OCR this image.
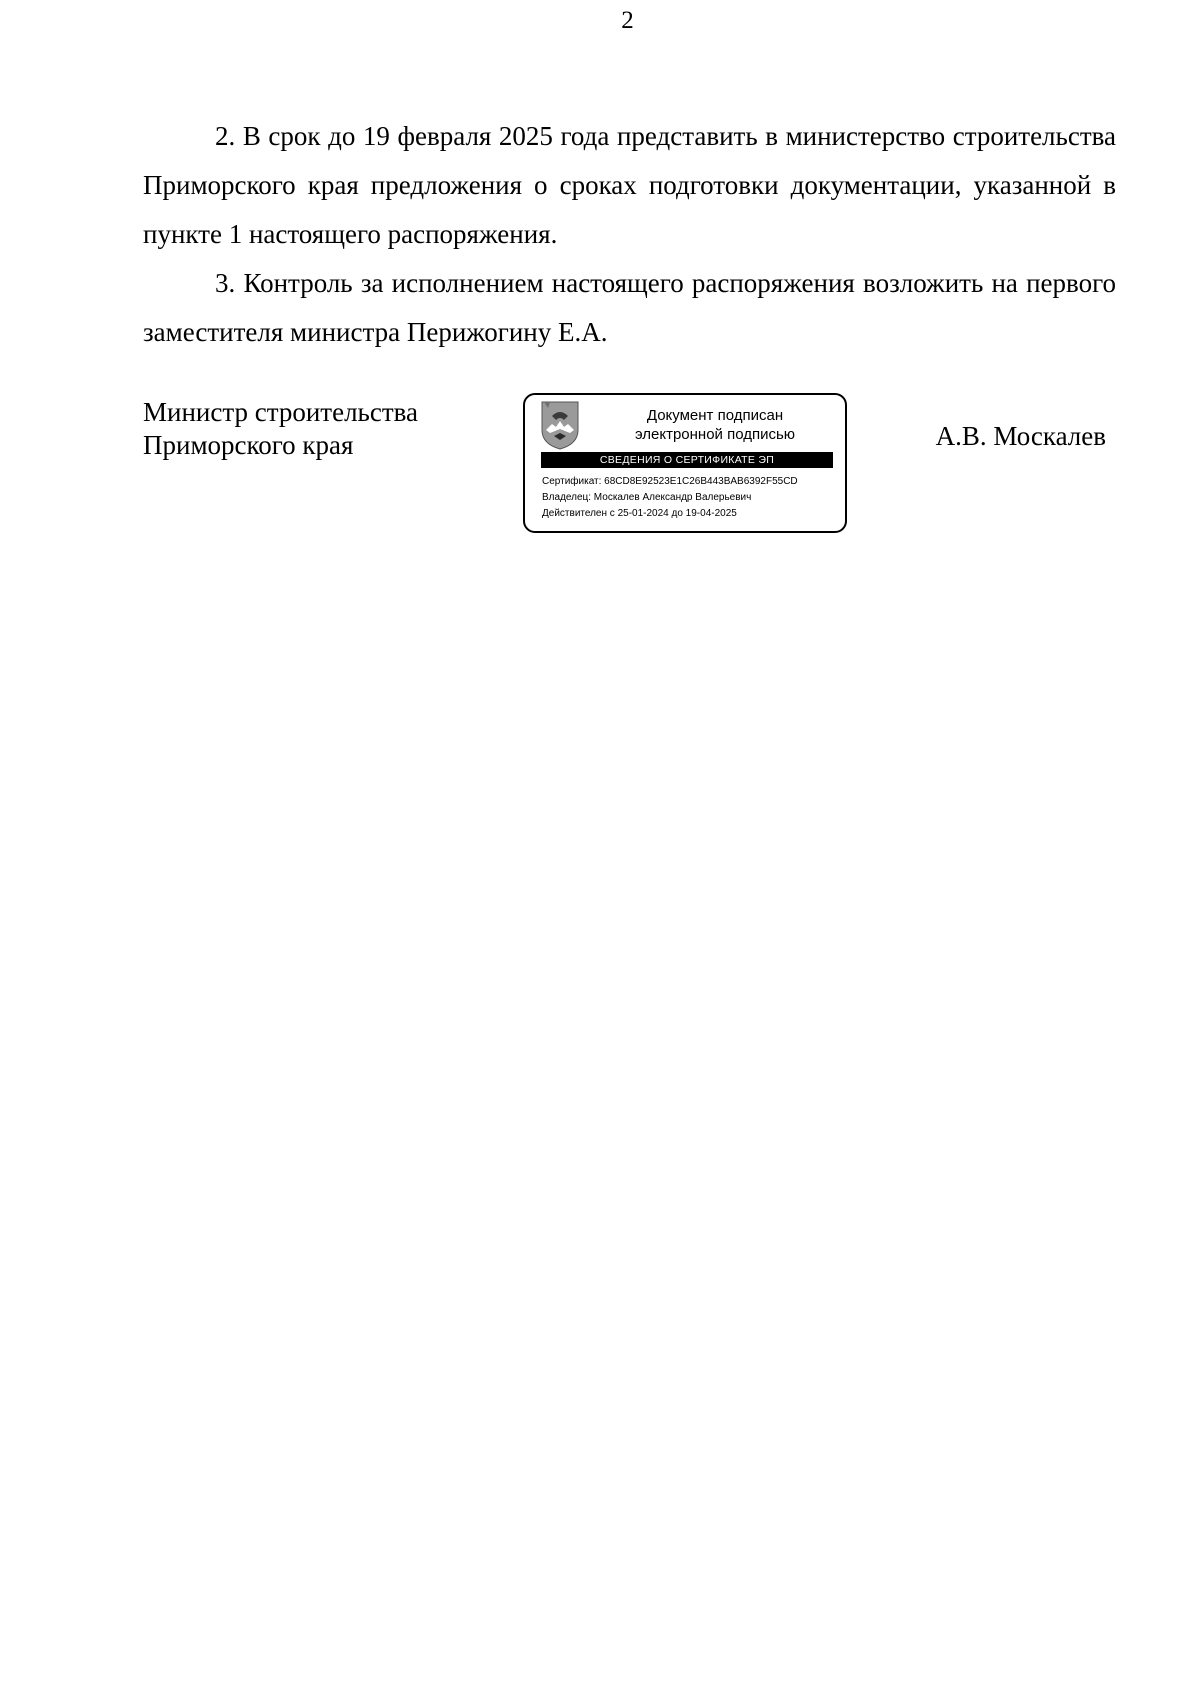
2

2. В срок до 19 февраля 2025 года представить в министерство строительства Приморского края предложения о сроках подготовки документации, указанной в пункте 1 настоящего распоряжения.

3. Контроль за исполнением настоящего распоряжения возложить на первого заместителя министра Перижогину Е.А.

Министр строительства
Приморского края
Документ подписан
электронной подписью
СВЕДЕНИЯ О СЕРТИФИКАТЕ ЭП
Сертификат: 68CD8E92523E1C26B443BAB6392F55CD
Владелец: Москалев Александр Валерьевич
Действителен с 25-01-2024 до 19-04-2025
А.В. Москалев
